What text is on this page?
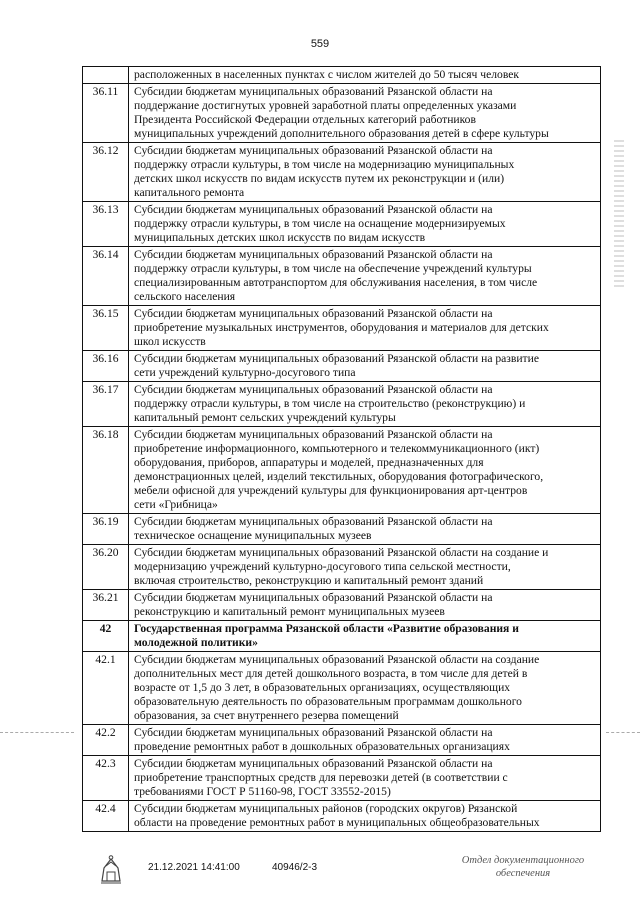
559
расположенных в населенных пунктах с числом жителей до 50 тысяч человек
36.11	Субсидии бюджетам муниципальных образований Рязанской области на
поддержание достигнутых уровней заработной платы определенных указами
Президента Российской Федерации отдельных категорий работников
муниципальных учреждений дополнительного образования детей в сфере культуры
36.12	Субсидии бюджетам муниципальных образований Рязанской области на
поддержку отрасли культуры, в том числе на модернизацию муниципальных
детских школ искусств по видам искусств путем их реконструкции и (или)
капитального ремонта
36.13	Субсидии бюджетам муниципальных образований Рязанской области на
поддержку отрасли культуры, в том числе на оснащение модернизируемых
муниципальных детских школ искусств по видам искусств
36.14	Субсидии бюджетам муниципальных образований Рязанской области на
поддержку отрасли культуры, в том числе на обеспечение учреждений культуры
специализированным автотранспортом для обслуживания населения, в том числе
сельского населения
36.15	Субсидии бюджетам муниципальных образований Рязанской области на
приобретение музыкальных инструментов, оборудования и материалов для детских
школ искусств
36.16	Субсидии бюджетам муниципальных образований Рязанской области на развитие
сети учреждений культурно-досугового типа
36.17	Субсидии бюджетам муниципальных образований Рязанской области на
поддержку отрасли культуры, в том числе на строительство (реконструкцию) и
капитальный ремонт сельских учреждений культуры
36.18	Субсидии бюджетам муниципальных образований Рязанской области на
приобретение информационного, компьютерного и телекоммуникационного (икт)
оборудования, приборов, аппаратуры и моделей, предназначенных для
демонстрационных целей, изделий текстильных, оборудования фотографического,
мебели офисной для учреждений культуры для функционирования арт-центров
сети «Грибница»
36.19	Субсидии бюджетам муниципальных образований Рязанской области на
техническое оснащение муниципальных музеев
36.20	Субсидии бюджетам муниципальных образований Рязанской области на создание и
модернизацию учреждений культурно-досугового типа сельской местности,
включая строительство, реконструкцию и капитальный ремонт зданий
36.21	Субсидии бюджетам муниципальных образований Рязанской области на
реконструкцию и капитальный ремонт муниципальных музеев
42	Государственная программа Рязанской области «Развитие образования и
молодежной политики»
42.1	Субсидии бюджетам муниципальных образований Рязанской области на создание
дополнительных мест для детей дошкольного возраста, в том числе для детей в
возрасте от 1,5 до 3 лет, в образовательных организациях, осуществляющих
образовательную деятельность по образовательным программам дошкольного
образования, за счет внутреннего резерва помещений
42.2	Субсидии бюджетам муниципальных образований Рязанской области на
проведение ремонтных работ в дошкольных образовательных организациях
42.3	Субсидии бюджетам муниципальных образований Рязанской области на
приобретение транспортных средств для перевозки детей (в соответствии с
требованиями ГОСТ Р 51160-98, ГОСТ 33552-2015)
42.4	Субсидии бюджетам муниципальных районов (городских округов) Рязанской
области на проведение ремонтных работ в муниципальных общеобразовательных
21.12.2021 14:41:00	40946/2-3
Отдел документационного
обеспечения
